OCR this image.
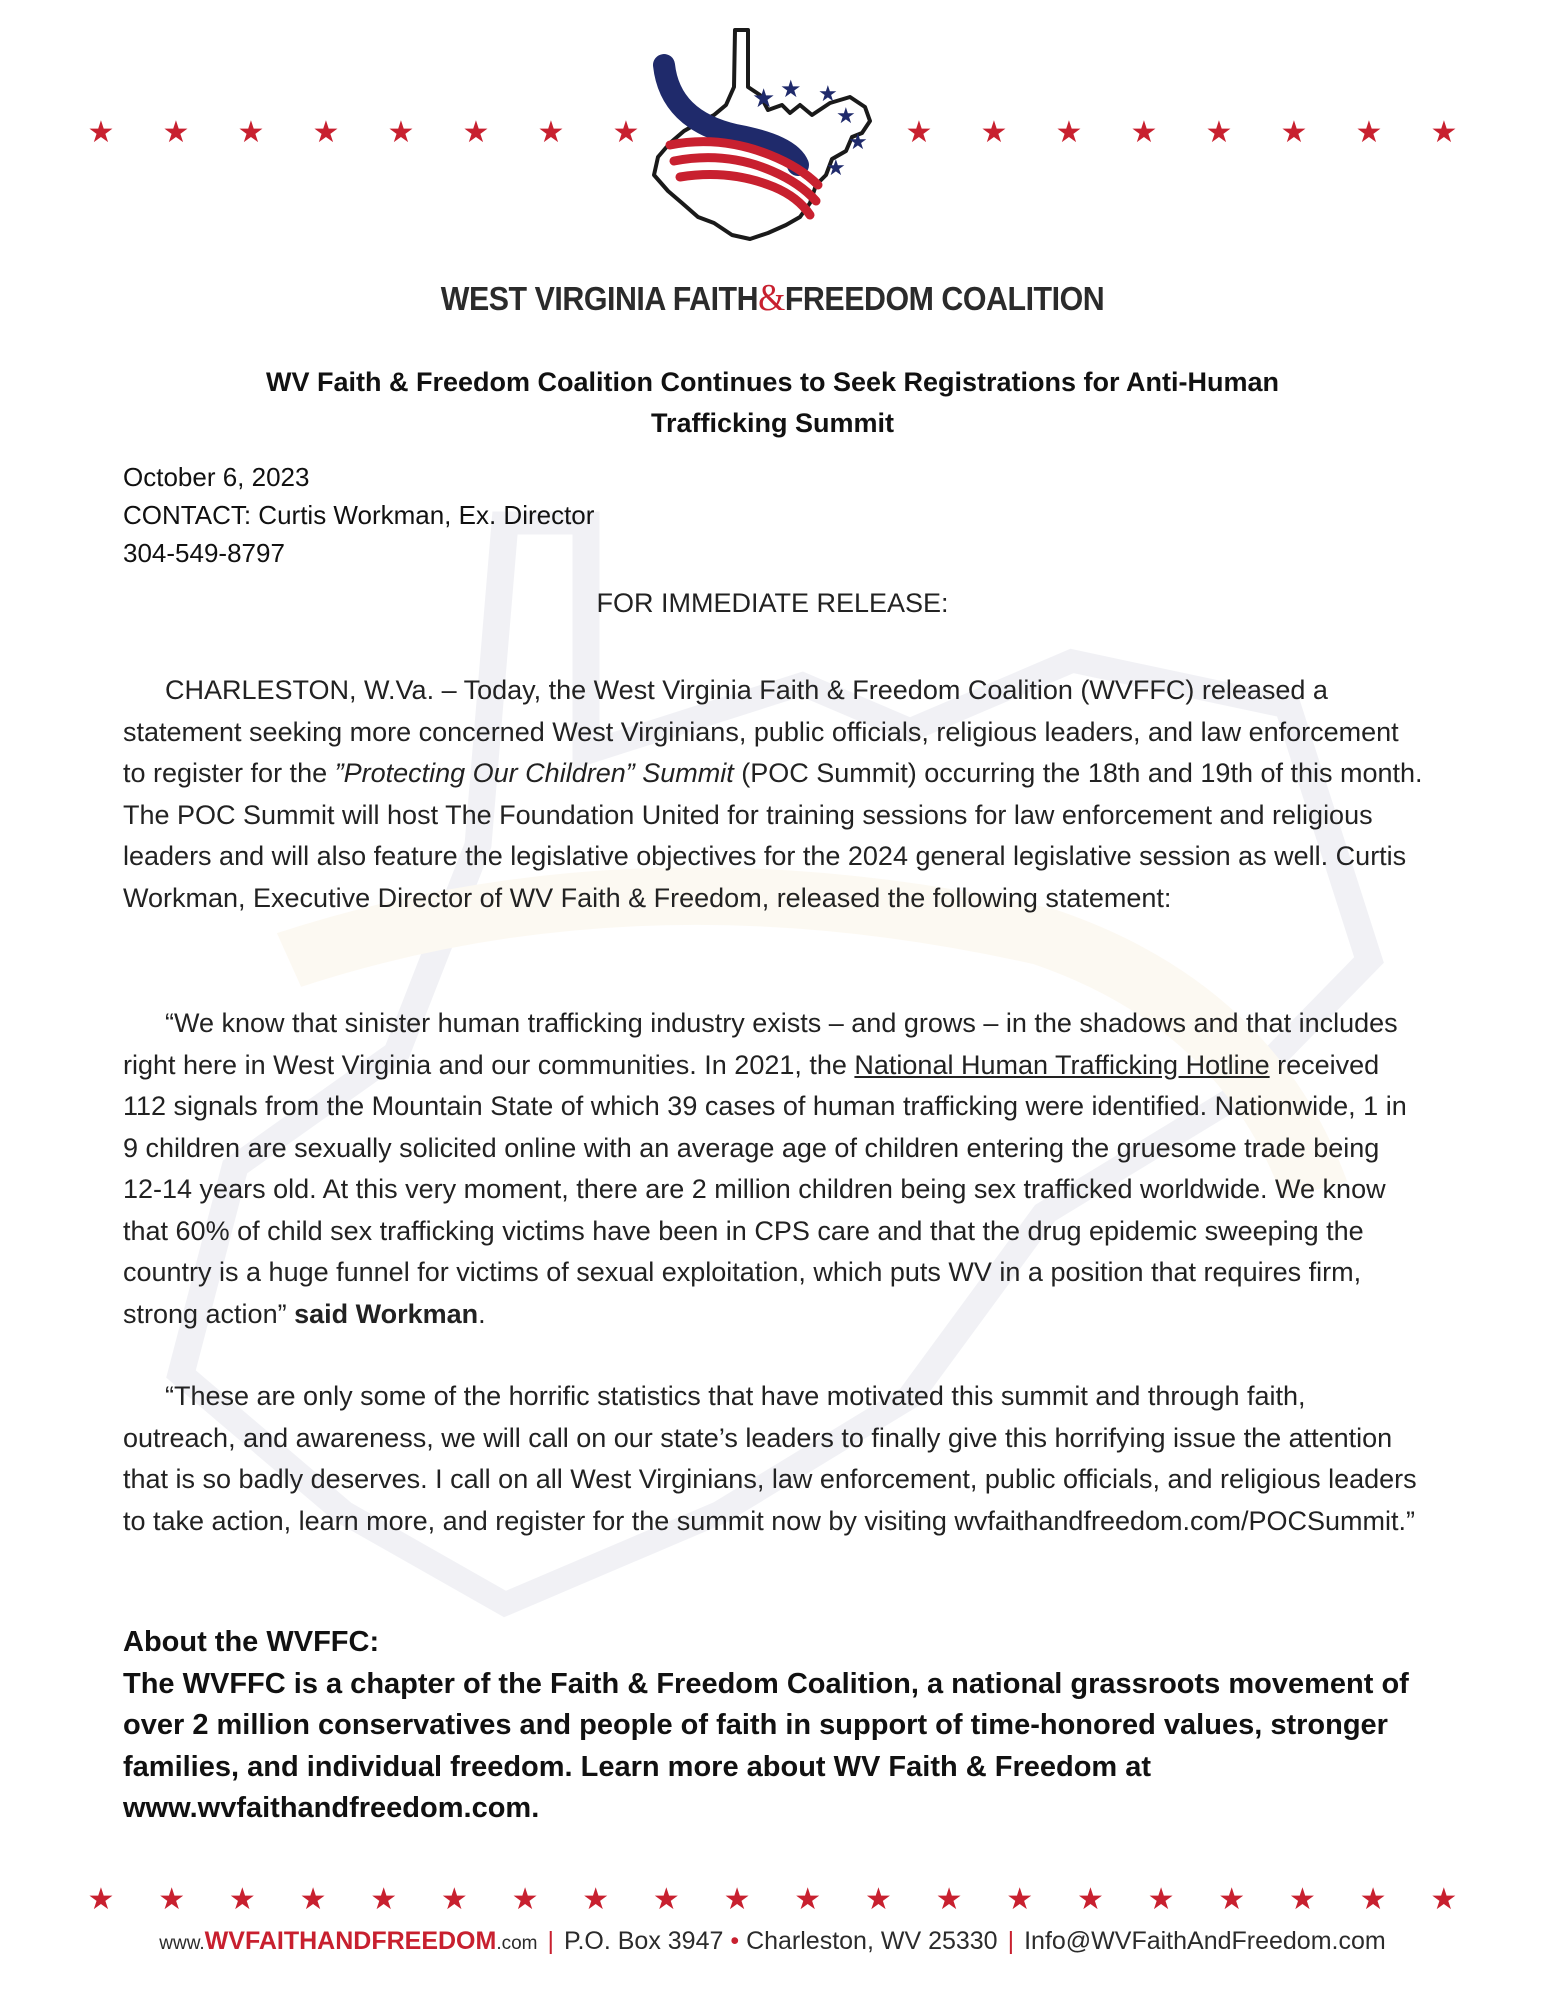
★ ★ ★ ★ ★ ★ ★ ★	★ ★ ★ ★ ★ ★ ★ ★
★ ★ ★
★
★
★
WEST VIRGINIA FAITH&FREEDOM COALITION
WV Faith & Freedom Coalition Continues to Seek Registrations for Anti-Human Trafficking Summit
October 6, 2023
CONTACT: Curtis Workman, Ex. Director
304-549-8797
FOR IMMEDIATE RELEASE:

CHARLESTON, W.Va. – Today, the West Virginia Faith & Freedom Coalition (WVFFC) released a statement seeking more concerned West Virginians, public officials, religious leaders, and law enforcement to register for the ”Protecting Our Children” Summit (POC Summit) occurring the 18th and 19th of this month. The POC Summit will host The Foundation United for training sessions for law enforcement and religious leaders and will also feature the legislative objectives for the 2024 general legislative session as well. Curtis Workman, Executive Director of WV Faith & Freedom, released the following statement:

“We know that sinister human trafficking industry exists – and grows – in the shadows and that includes right here in West Virginia and our communities. In 2021, the National Human Trafficking Hotline received 112 signals from the Mountain State of which 39 cases of human trafficking were identified. Nationwide, 1 in 9 children are sexually solicited online with an average age of children entering the gruesome trade being 12-14 years old. At this very moment, there are 2 million children being sex trafficked worldwide. We know that 60% of child sex trafficking victims have been in CPS care and that the drug epidemic sweeping the country is a huge funnel for victims of sexual exploitation, which puts WV in a position that requires firm, strong action” said Workman.

“These are only some of the horrific statistics that have motivated this summit and through faith, outreach, and awareness, we will call on our state’s leaders to finally give this horrifying issue the attention that is so badly deserves. I call on all West Virginians, law enforcement, public officials, and religious leaders to take action, learn more, and register for the summit now by visiting wvfaithandfreedom.com/POCSummit.”

About the WVFFC:
The WVFFC is a chapter of the Faith & Freedom Coalition, a national grassroots movement of over 2 million conservatives and people of faith in support of time-honored values, stronger families, and individual freedom. Learn more about WV Faith & Freedom at www.wvfaithandfreedom.com.
★ ★ ★ ★ ★ ★ ★ ★ ★ ★ ★ ★ ★ ★ ★ ★ ★ ★ ★ ★
www.WVFAITHANDFREEDOM.com | P.O. Box 3947 • Charleston, WV 25330 | Info@WVFaithAndFreedom.com
